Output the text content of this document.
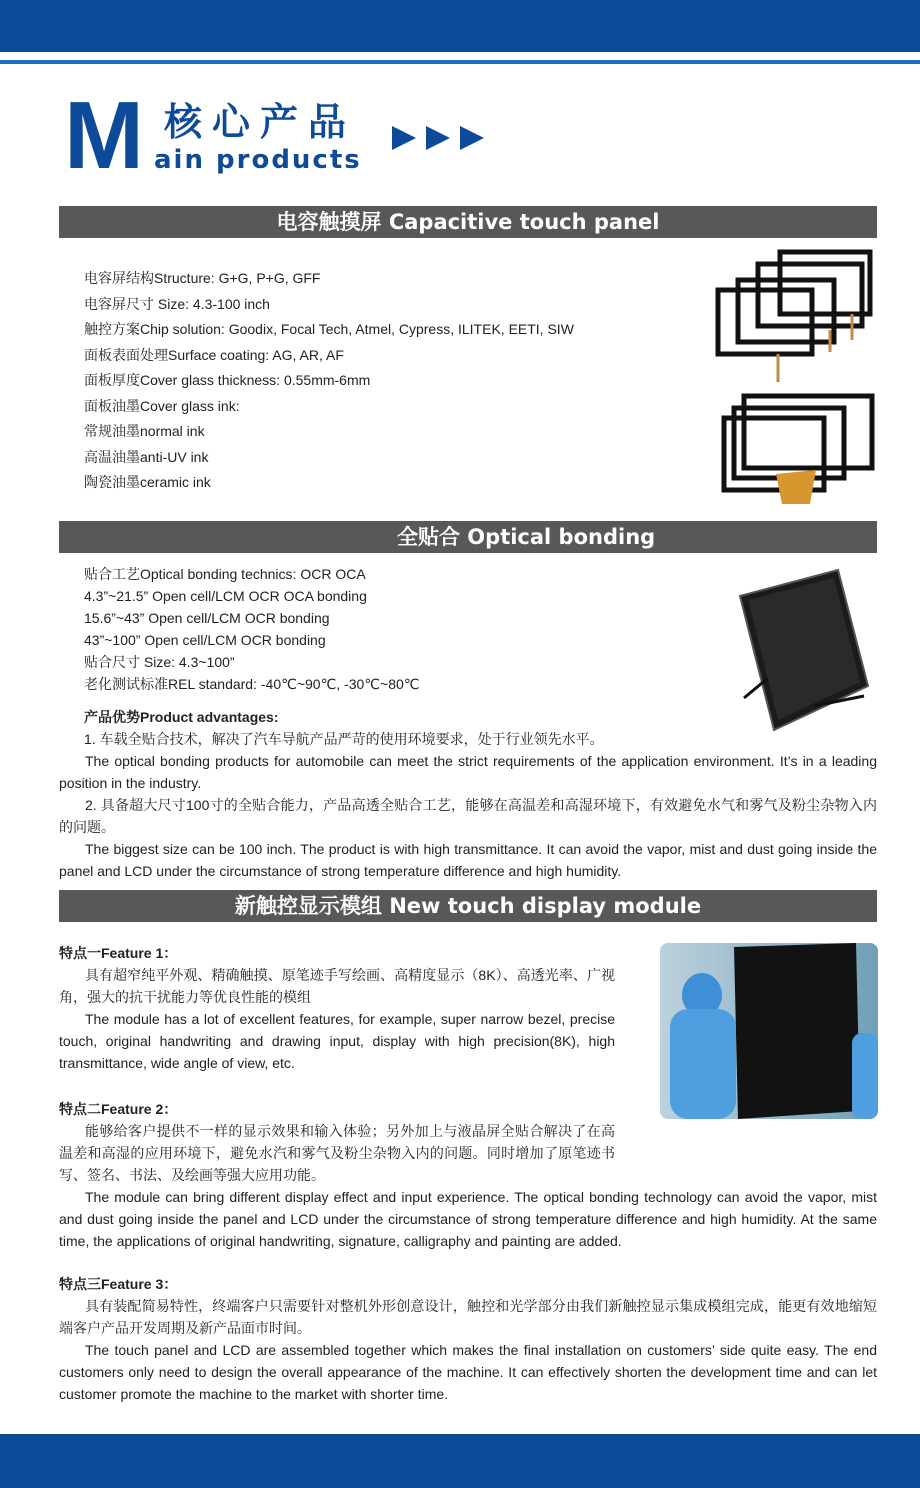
M 核心产品
ain products
电容触摸屏 Capacitive touch panel
电容屏结构Structure: G+G, P+G, GFF
电容屏尺寸 Size: 4.3-100 inch
触控方案Chip solution: Goodix, Focal Tech, Atmel, Cypress, ILITEK, EETI, SIW
面板表面处理Surface coating: AG, AR, AF
面板厚度Cover glass thickness: 0.55mm-6mm
面板油墨Cover glass ink:
常规油墨normal ink
高温油墨anti-UV ink
陶瓷油墨ceramic ink
全贴合 Optical bonding
贴合工艺Optical bonding technics: OCR OCA
4.3”~21.5” Open cell/LCM OCR OCA bonding
15.6”~43” Open cell/LCM OCR bonding
43”~100” Open cell/LCM OCR bonding
贴合尺寸 Size: 4.3~100”
老化测试标准REL standard: -40℃~90℃, -30℃~80℃

产品优势Product advantages:

1. 车载全贴合技术，解决了汽车导航产品严苛的使用环境要求，处于行业领先水平。

The optical bonding products for automobile can meet the strict requirements of the application environment. It’s in a leading position in the industry.

2. 具备超大尺寸100寸的全贴合能力，产品高透全贴合工艺，能够在高温差和高湿环境下，有效避免水气和雾气及粉尘杂物入内的问题。

The biggest size can be 100 inch. The product is with high transmittance. It can avoid the vapor, mist and dust going inside the panel and LCD under the circumstance of strong temperature difference and high humidity.

新触控显示模组 New touch display module

特点一Feature 1：

具有超窄纯平外观、精确触摸、原笔迹手写绘画、高精度显示（8K）、高透光率、广视角，强大的抗干扰能力等优良性能的模组

The module has a lot of excellent features, for example, super narrow bezel, precise touch, original handwriting and drawing input, display with high precision(8K), high transmittance, wide angle of view, etc.

特点二Feature 2：

能够给客户提供不一样的显示效果和输入体验；另外加上与液晶屏全贴合解决了在高温差和高湿的应用环境下，避免水汽和雾气及粉尘杂物入内的问题。同时增加了原笔迹书写、签名、书法、及绘画等强大应用功能。

The module can bring different display effect and input experience. The optical bonding technology can avoid the vapor, mist and dust going inside the panel and LCD under the circumstance of strong temperature difference and high humidity. At the same time, the applications of original handwriting, signature, calligraphy and painting are added.

特点三Feature 3：

具有装配简易特性，终端客户只需要针对整机外形创意设计，触控和光学部分由我们新触控显示集成模组完成，能更有效地缩短端客户产品开发周期及新产品面市时间。

The touch panel and LCD are assembled together which makes the final installation on customers’ side quite easy. The end customers only need to design the overall appearance of the machine. It can effectively shorten the development time and can let customer promote the machine to the market with shorter time.
